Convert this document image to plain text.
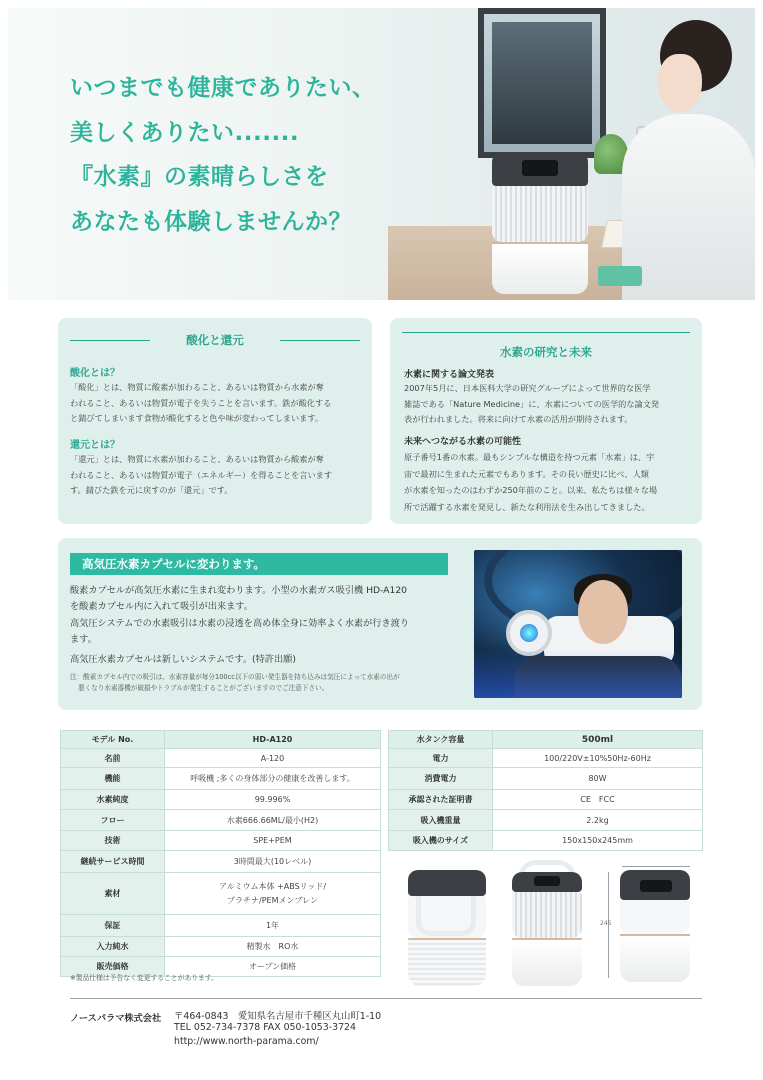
いつまでも健康でありたい、
美しくありたい.......
『水素』の素晴らしさを
あなたも体験しませんか？
酸化と還元
酸化とは？
「酸化」とは、物質に酸素が加わること、あるいは物質から水素が奪
われること、あるいは物質が電子を失うことを言います。鉄が酸化する
と錆びてしまいます食物が酸化すると色や味が変わってしまいます。
還元とは？
「還元」とは、物質に水素が加わること、あるいは物質から酸素が奪
われること、あるいは物質が電子（エネルギー）を得ることを言います
す。錆びた鉄を元に戻すのが「還元」です。
水素の研究と未来
水素に関する論文発表
2007年5月に、日本医科大学の研究グループによって世界的な医学
雑誌である「Nature Medicine」に、水素についての医学的な論文発
表が行われました。将来に向けて水素の活用が期待されます。
未来へつながる水素の可能性
原子番号1番の水素。最もシンプルな構造を持つ元素「水素」は、宇
宙で最初に生まれた元素でもあります。その長い歴史に比べ、人類
が水素を知ったのはわずか250年前のこと。以来、私たちは様々な場
所で活躍する水素を発見し、新たな利用法を生み出してきました。
高気圧水素カプセルに変わります。
酸素カプセルが高気圧水素に生まれ変わります。小型の水素ガス吸引機 HD-A120
を酸素カプセル内に入れて吸引が出来ます。
高気圧システムでの水素吸引は水素の浸透を高め体全身に効率よく水素が行き渡り
ます。
高気圧水素カプセルは新しいシステムです。(特許出願)
注：酸素カプセル内での吸引は、水素容量が毎分100cc以下の弱い発生器を持ち込みは気圧によって水素の出が
悪くなり水素器機が破損やトラブルが発生することがございますのでご注意下さい。
モデル No.	HD-A120
名前	A-120
機能	呼吸機 ;多くの身体部分の健康を改善します。
水素純度	99.996%
フロー	水素666.66ML/最小(H2)
技術	SPE+PEM
継続サービス時間	3時間最大(10レベル)
素材	アルミウム本体 +ABSリッド/
プラチナ/PEMメンブレン

保証	1年
入力純水	精製水　RO水
販売価格	オープン価格
水タンク容量	500ml
電力	100/220V±10%50Hz-60Hz
消費電力	80W
承認された証明書	CE　FCC
吸入機重量	2.2kg
吸入機のサイズ	150x150x245mm
245
※製品仕様は予告なく変更することがあります。
ノースパラマ株式会社 〒464-0843　愛知県名古屋市千種区丸山町1-10
TEL 052-734-7378 FAX 050-1053-3724
http://www.north-parama.com/
